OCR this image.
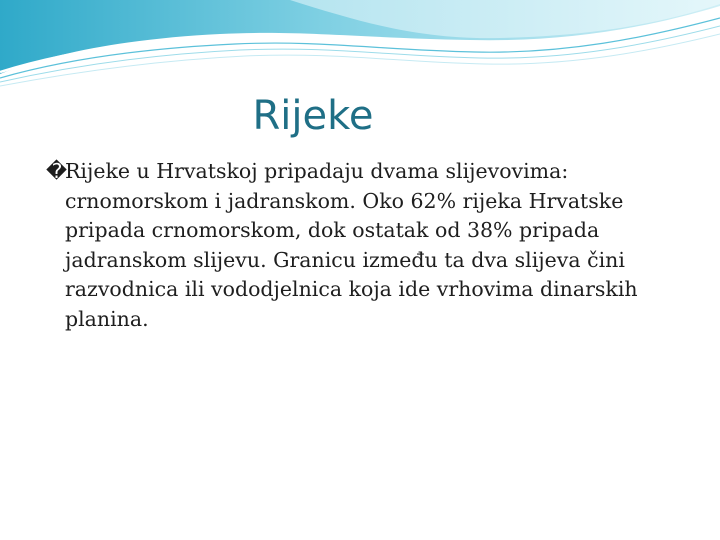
Rijeke

�Rijeke u Hrvatskoj pripadaju dvama slijevovima: crnomorskom i jadranskom. Oko 62% rijeka Hrvatske pripada crnomorskom, dok ostatak od 38% pripada jadranskom slijevu. Granicu između ta dva slijeva čini razvodnica ili vododjelnica koja ide vrhovima dinarskih planina.
